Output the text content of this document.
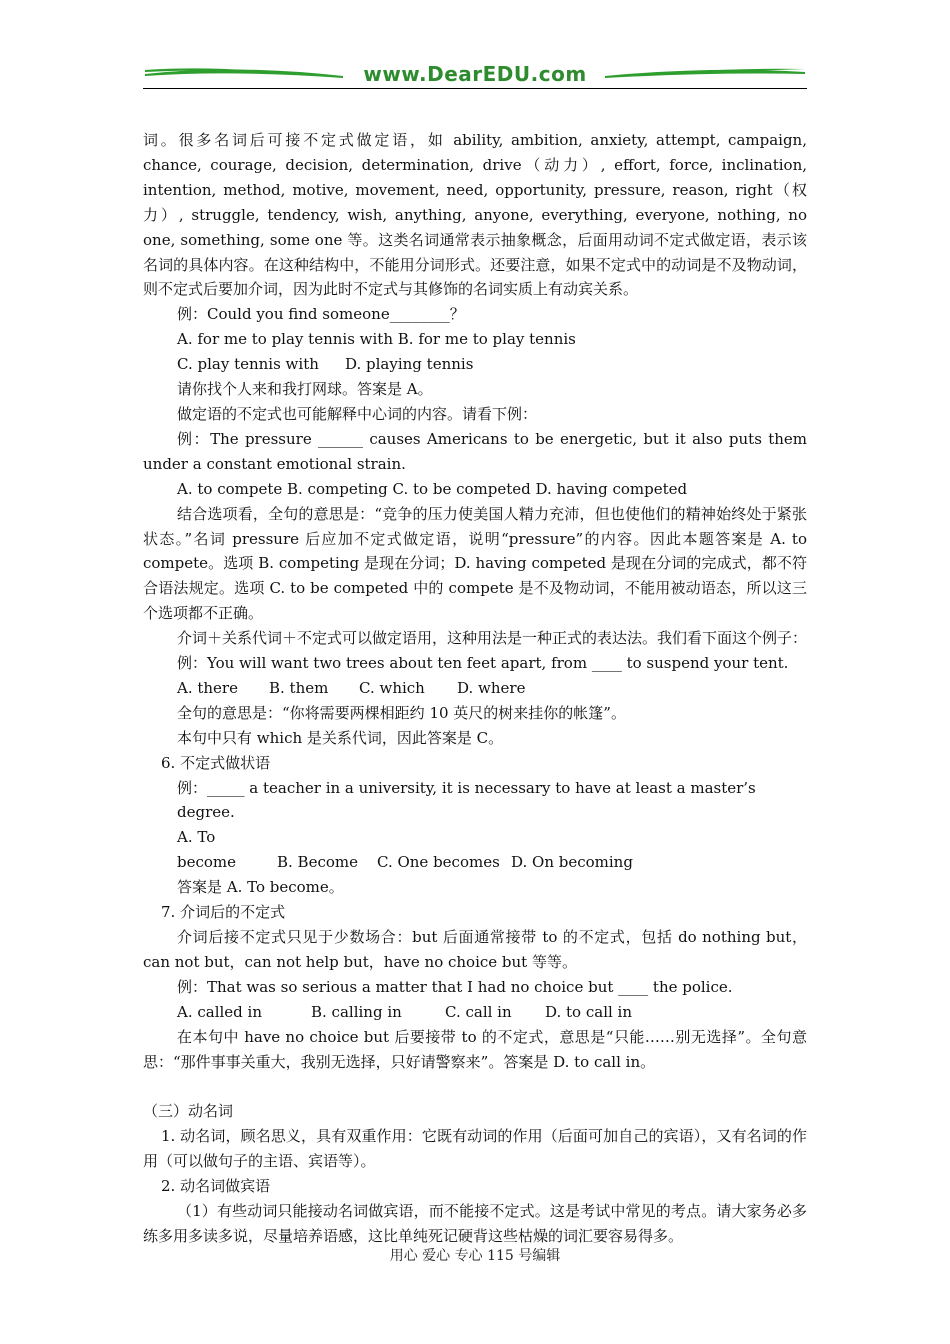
www.DearEDU.com

词。很多名词后可接不定式做定语，如 ability, ambition, anxiety, attempt, campaign, chance, courage, decision, determination, drive（动力）, effort, force, inclination, intention, method, motive, movement, need, opportunity, pressure, reason, right（权力）, struggle, tendency, wish, anything, anyone, everything, everyone, nothing, no one, something, some one 等。这类名词通常表示抽象概念，后面用动词不定式做定语，表示该名词的具体内容。在这种结构中，不能用分词形式。还要注意，如果不定式中的动词是不及物动词，则不定式后要加介词，因为此时不定式与其修饰的名词实质上有动宾关系。

例：Could you find someone________？

A. for me to play tennis with B. for me to play tennis

C. play tennis with D. playing tennis

请你找个人来和我打网球。答案是 A。

做定语的不定式也可能解释中心词的内容。请看下例：

例：The pressure ______ causes Americans to be energetic, but it also puts them under a constant emotional strain.

A. to compete B. competing C. to be competed D. having competed

结合选项看，全句的意思是：“竞争的压力使美国人精力充沛，但也使他们的精神始终处于紧张状态。”名词 pressure 后应加不定式做定语，说明“pressure”的内容。因此本题答案是 A. to compete。选项 B. competing 是现在分词；D. having competed 是现在分词的完成式，都不符合语法规定。选项 C. to be competed 中的 compete 是不及物动词，不能用被动语态，所以这三个选项都不正确。

介词＋关系代词＋不定式可以做定语用，这种用法是一种正式的表达法。我们看下面这个例子：

例：You will want two trees about ten feet apart, from ____ to suspend your tent.

A. there B. them C. which D. where

全句的意思是：“你将需要两棵相距约 10 英尺的树来挂你的帐篷”。

本句中只有 which 是关系代词，因此答案是 C。

6. 不定式做状语

例：_____ a teacher in a university, it is necessary to have at least a master’s degree.

A. To become	B. Become C. One becomes D. On becoming

答案是 A. To become。

7. 介词后的不定式

介词后接不定式只见于少数场合：but 后面通常接带 to 的不定式，包括 do nothing but，can not but，can not help but，have no choice but 等等。

例：That was so serious a matter that I had no choice but ____ the police.

A. called in	B. calling in	C. call in D. to call in

在本句中 have no choice but 后要接带 to 的不定式，意思是“只能……别无选择”。全句意思：“那件事事关重大，我别无选择，只好请警察来”。答案是 D. to call in。

（三）动名词

1. 动名词，顾名思义，具有双重作用：它既有动词的作用（后面可加自己的宾语），又有名词的作用（可以做句子的主语、宾语等）。

2. 动名词做宾语

（1）有些动词只能接动名词做宾语，而不能接不定式。这是考试中常见的考点。请大家务必多练多用多读多说，尽量培养语感，这比单纯死记硬背这些枯燥的词汇要容易得多。

用心 爱心 专心 115 号编辑
